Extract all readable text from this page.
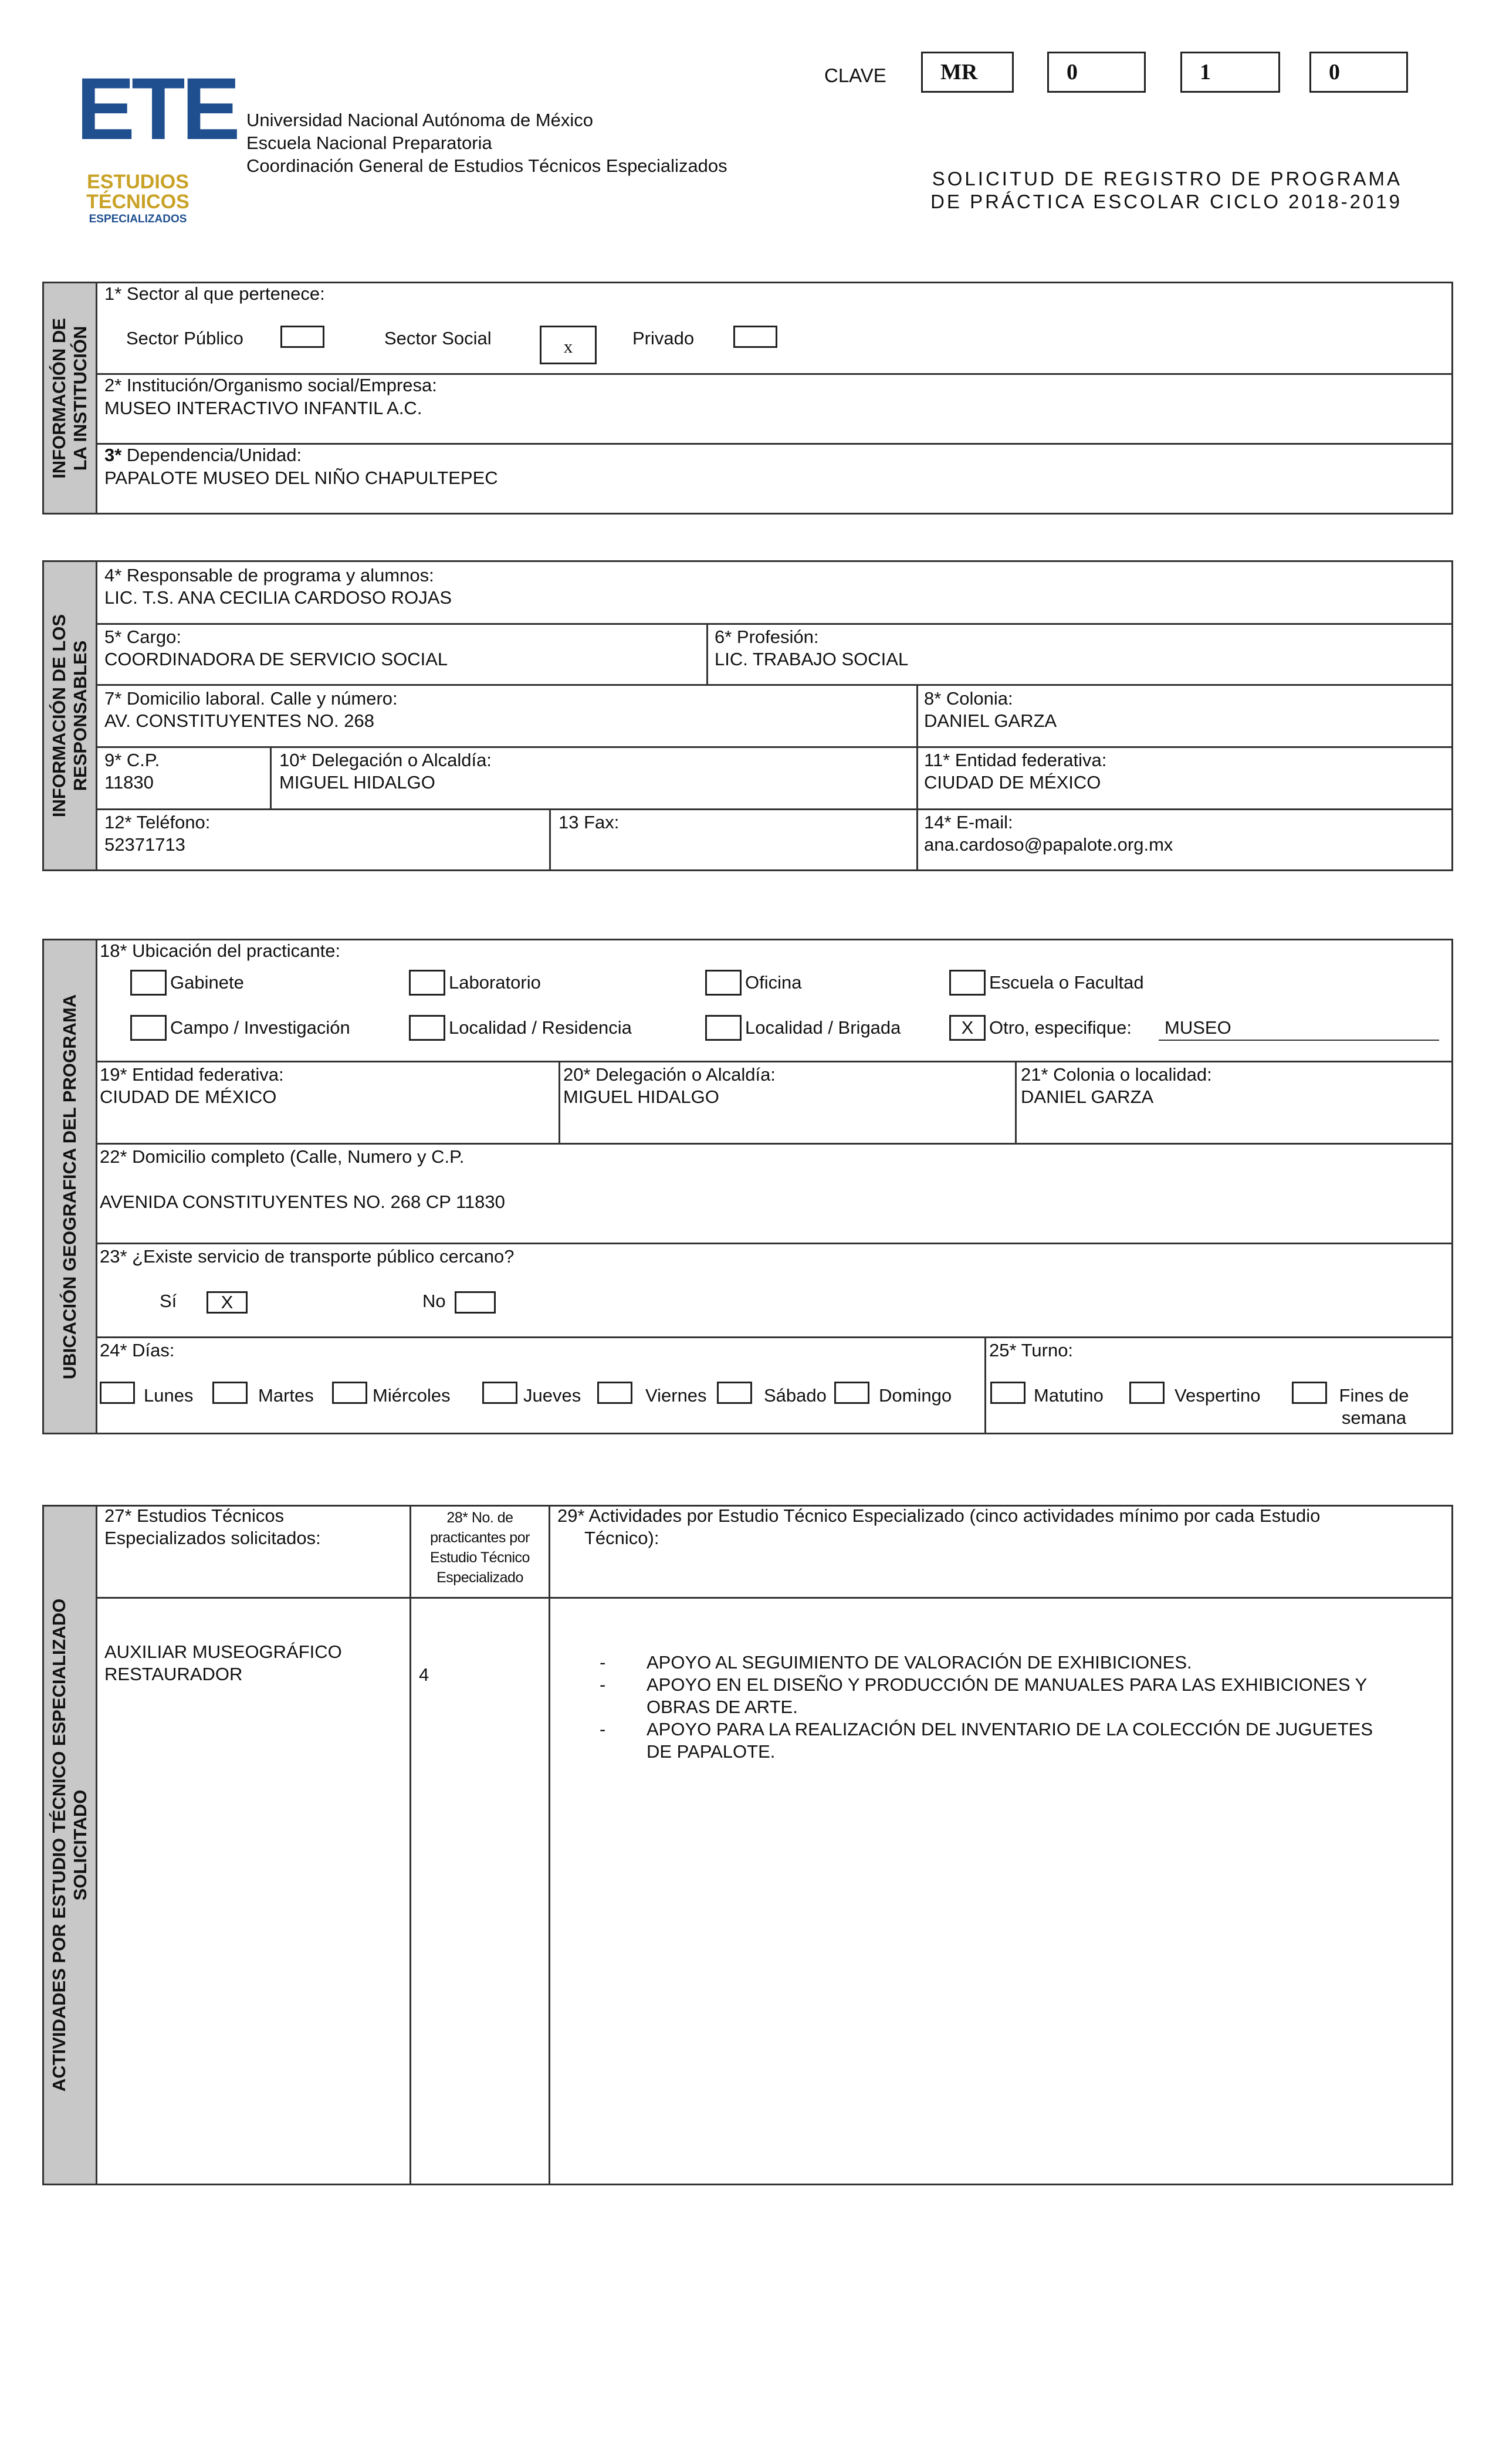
ETE
ESTUDIOS
TÉCNICOS
ESPECIALIZADOS
Universidad Nacional Autónoma de México
Escuela Nacional Preparatoria
Coordinación General de Estudios Técnicos Especializados
CLAVE	MR	0	1	0
SOLICITUD DE REGISTRO DE PROGRAMA
DE PRÁCTICA ESCOLAR CICLO 2018-2019
INFORMACIÓN DE LA INSTITUCIÓN
1* Sector al que pertenece:
Sector Público	Sector Social	x	Privado
2* Institución/Organismo social/Empresa:
MUSEO INTERACTIVO INFANTIL A.C.
3* Dependencia/Unidad:
PAPALOTE MUSEO DEL NIÑO CHAPULTEPEC
INFORMACIÓN DE LOS RESPONSABLES
4* Responsable de programa y alumnos:
LIC. T.S. ANA CECILIA CARDOSO ROJAS
5* Cargo:
COORDINADORA DE SERVICIO SOCIAL
6* Profesión:
LIC. TRABAJO SOCIAL
7* Domicilio laboral. Calle y número:
AV. CONSTITUYENTES NO. 268
8* Colonia:
DANIEL GARZA
9* C.P.
11830
10* Delegación o Alcaldía:
MIGUEL HIDALGO
11* Entidad federativa:
CIUDAD DE MÉXICO
12* Teléfono:
52371713
13 Fax:	14* E-mail:
ana.cardoso@papalote.org.mx
UBICACIÓN GEOGRAFICA DEL PROGRAMA
18* Ubicación del practicante:
Gabinete	Laboratorio	Oficina	Escuela o Facultad
Campo / Investigación	Localidad / Residencia	Localidad / Brigada	X Otro, especifique: MUSEO
19* Entidad federativa:
CIUDAD DE MÉXICO
20* Delegación o Alcaldía:
MIGUEL HIDALGO
21* Colonia o localidad:
DANIEL GARZA
22* Domicilio completo (Calle, Numero y C.P.
AVENIDA CONSTITUYENTES NO. 268 CP 11830
23* ¿Existe servicio de transporte público cercano?
Sí	X	No
24* Días:
Lunes	Martes	Miércoles	Jueves	Viernes	Sábado	Domingo
25* Turno:
Matutino	Vespertino	Fines de
semana
ACTIVIDADES POR ESTUDIO TÉCNICO ESPECIALIZADO SOLICITADO
27* Estudios Técnicos
Especializados solicitados:
28* No. de
practicantes por
Estudio Técnico
Especializado
29* Actividades por Estudio Técnico Especializado (cinco actividades mínimo por cada Estudio
Técnico):
AUXILIAR MUSEOGRÁFICO
RESTAURADOR	4
- APOYO AL SEGUIMIENTO DE VALORACIÓN DE EXHIBICIONES.
- APOYO EN EL DISEÑO Y PRODUCCIÓN DE MANUALES PARA LAS EXHIBICIONES Y
OBRAS DE ARTE.
- APOYO PARA LA REALIZACIÓN DEL INVENTARIO DE LA COLECCIÓN DE JUGUETES
DE PAPALOTE.
